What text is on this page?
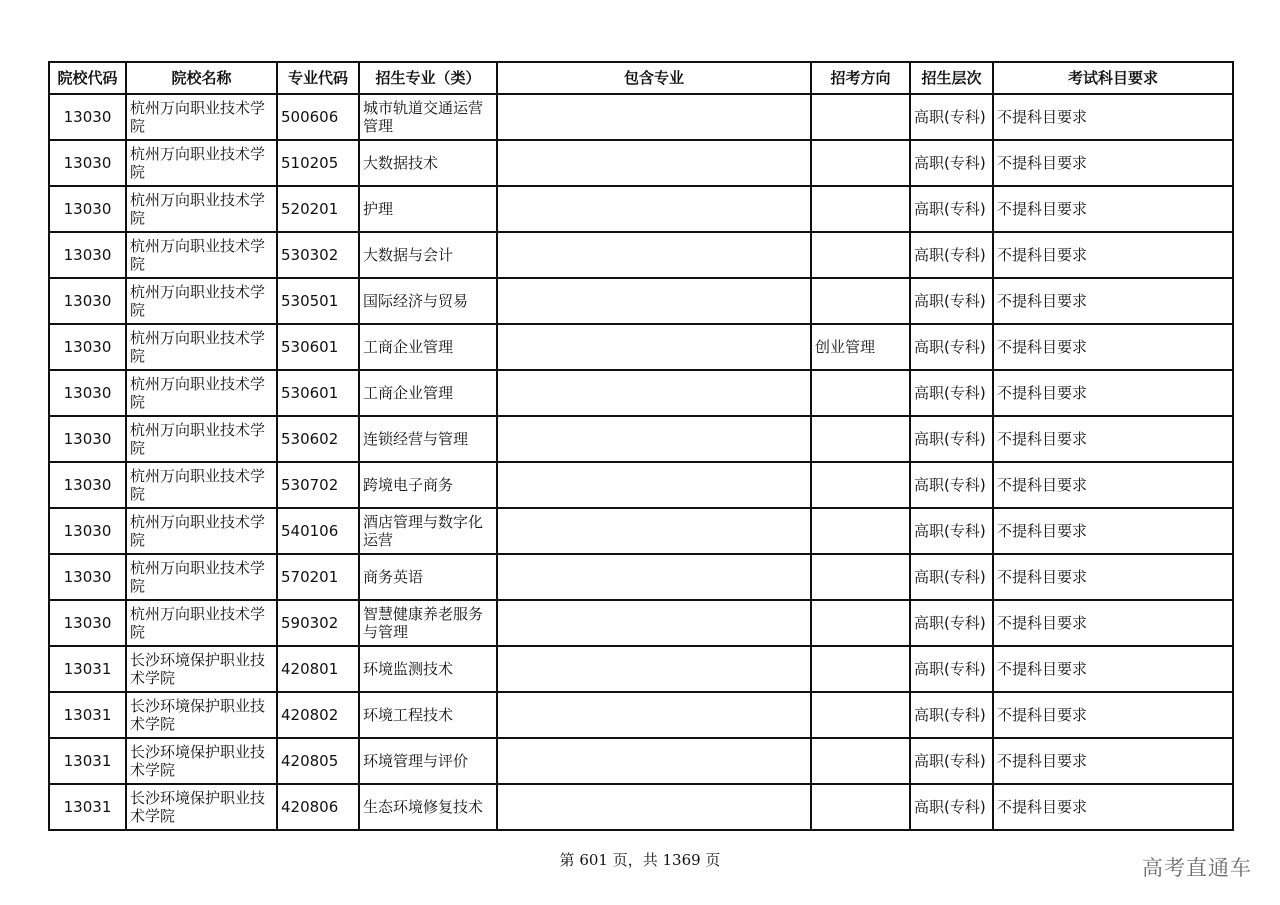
院校代码	院校名称	专业代码	招生专业（类）	包含专业	招考方向	招生层次	考试科目要求
13030	杭州万向职业技术学院	500606	城市轨道交通运营管理			高职(专科)	不提科目要求
13030	杭州万向职业技术学院	510205	大数据技术			高职(专科)	不提科目要求
13030	杭州万向职业技术学院	520201	护理			高职(专科)	不提科目要求
13030	杭州万向职业技术学院	530302	大数据与会计			高职(专科)	不提科目要求
13030	杭州万向职业技术学院	530501	国际经济与贸易			高职(专科)	不提科目要求
13030	杭州万向职业技术学院	530601	工商企业管理		创业管理	高职(专科)	不提科目要求
13030	杭州万向职业技术学院	530601	工商企业管理			高职(专科)	不提科目要求
13030	杭州万向职业技术学院	530602	连锁经营与管理			高职(专科)	不提科目要求
13030	杭州万向职业技术学院	530702	跨境电子商务			高职(专科)	不提科目要求
13030	杭州万向职业技术学院	540106	酒店管理与数字化运营			高职(专科)	不提科目要求
13030	杭州万向职业技术学院	570201	商务英语			高职(专科)	不提科目要求
13030	杭州万向职业技术学院	590302	智慧健康养老服务与管理			高职(专科)	不提科目要求
13031	长沙环境保护职业技术学院	420801	环境监测技术			高职(专科)	不提科目要求
13031	长沙环境保护职业技术学院	420802	环境工程技术			高职(专科)	不提科目要求
13031	长沙环境保护职业技术学院	420805	环境管理与评价			高职(专科)	不提科目要求
13031	长沙环境保护职业技术学院	420806	生态环境修复技术			高职(专科)	不提科目要求
第 601 页，共 1369 页	高考直通车
